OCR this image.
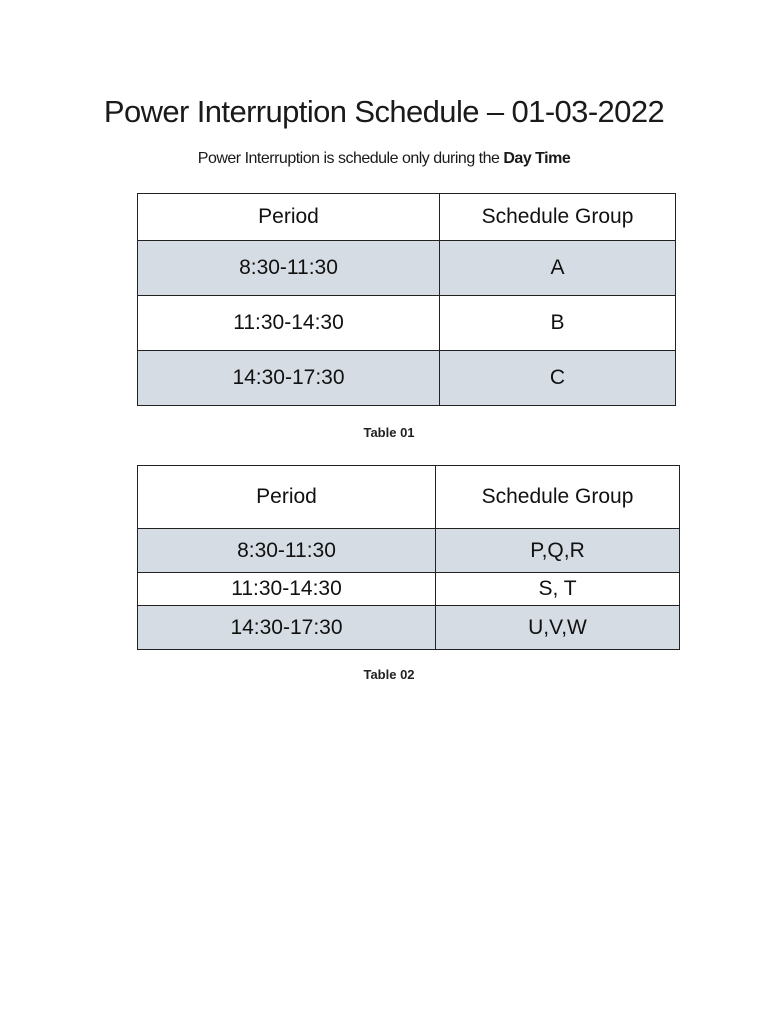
Power Interruption Schedule – 01-03-2022
Power Interruption is schedule only during the Day Time
Period	Schedule Group
8:30-11:30	A
11:30-14:30	B
14:30-17:30	C
Table 01
Period	Schedule Group
8:30-11:30	P,Q,R
11:30-14:30	S, T
14:30-17:30	U,V,W
Table 02
